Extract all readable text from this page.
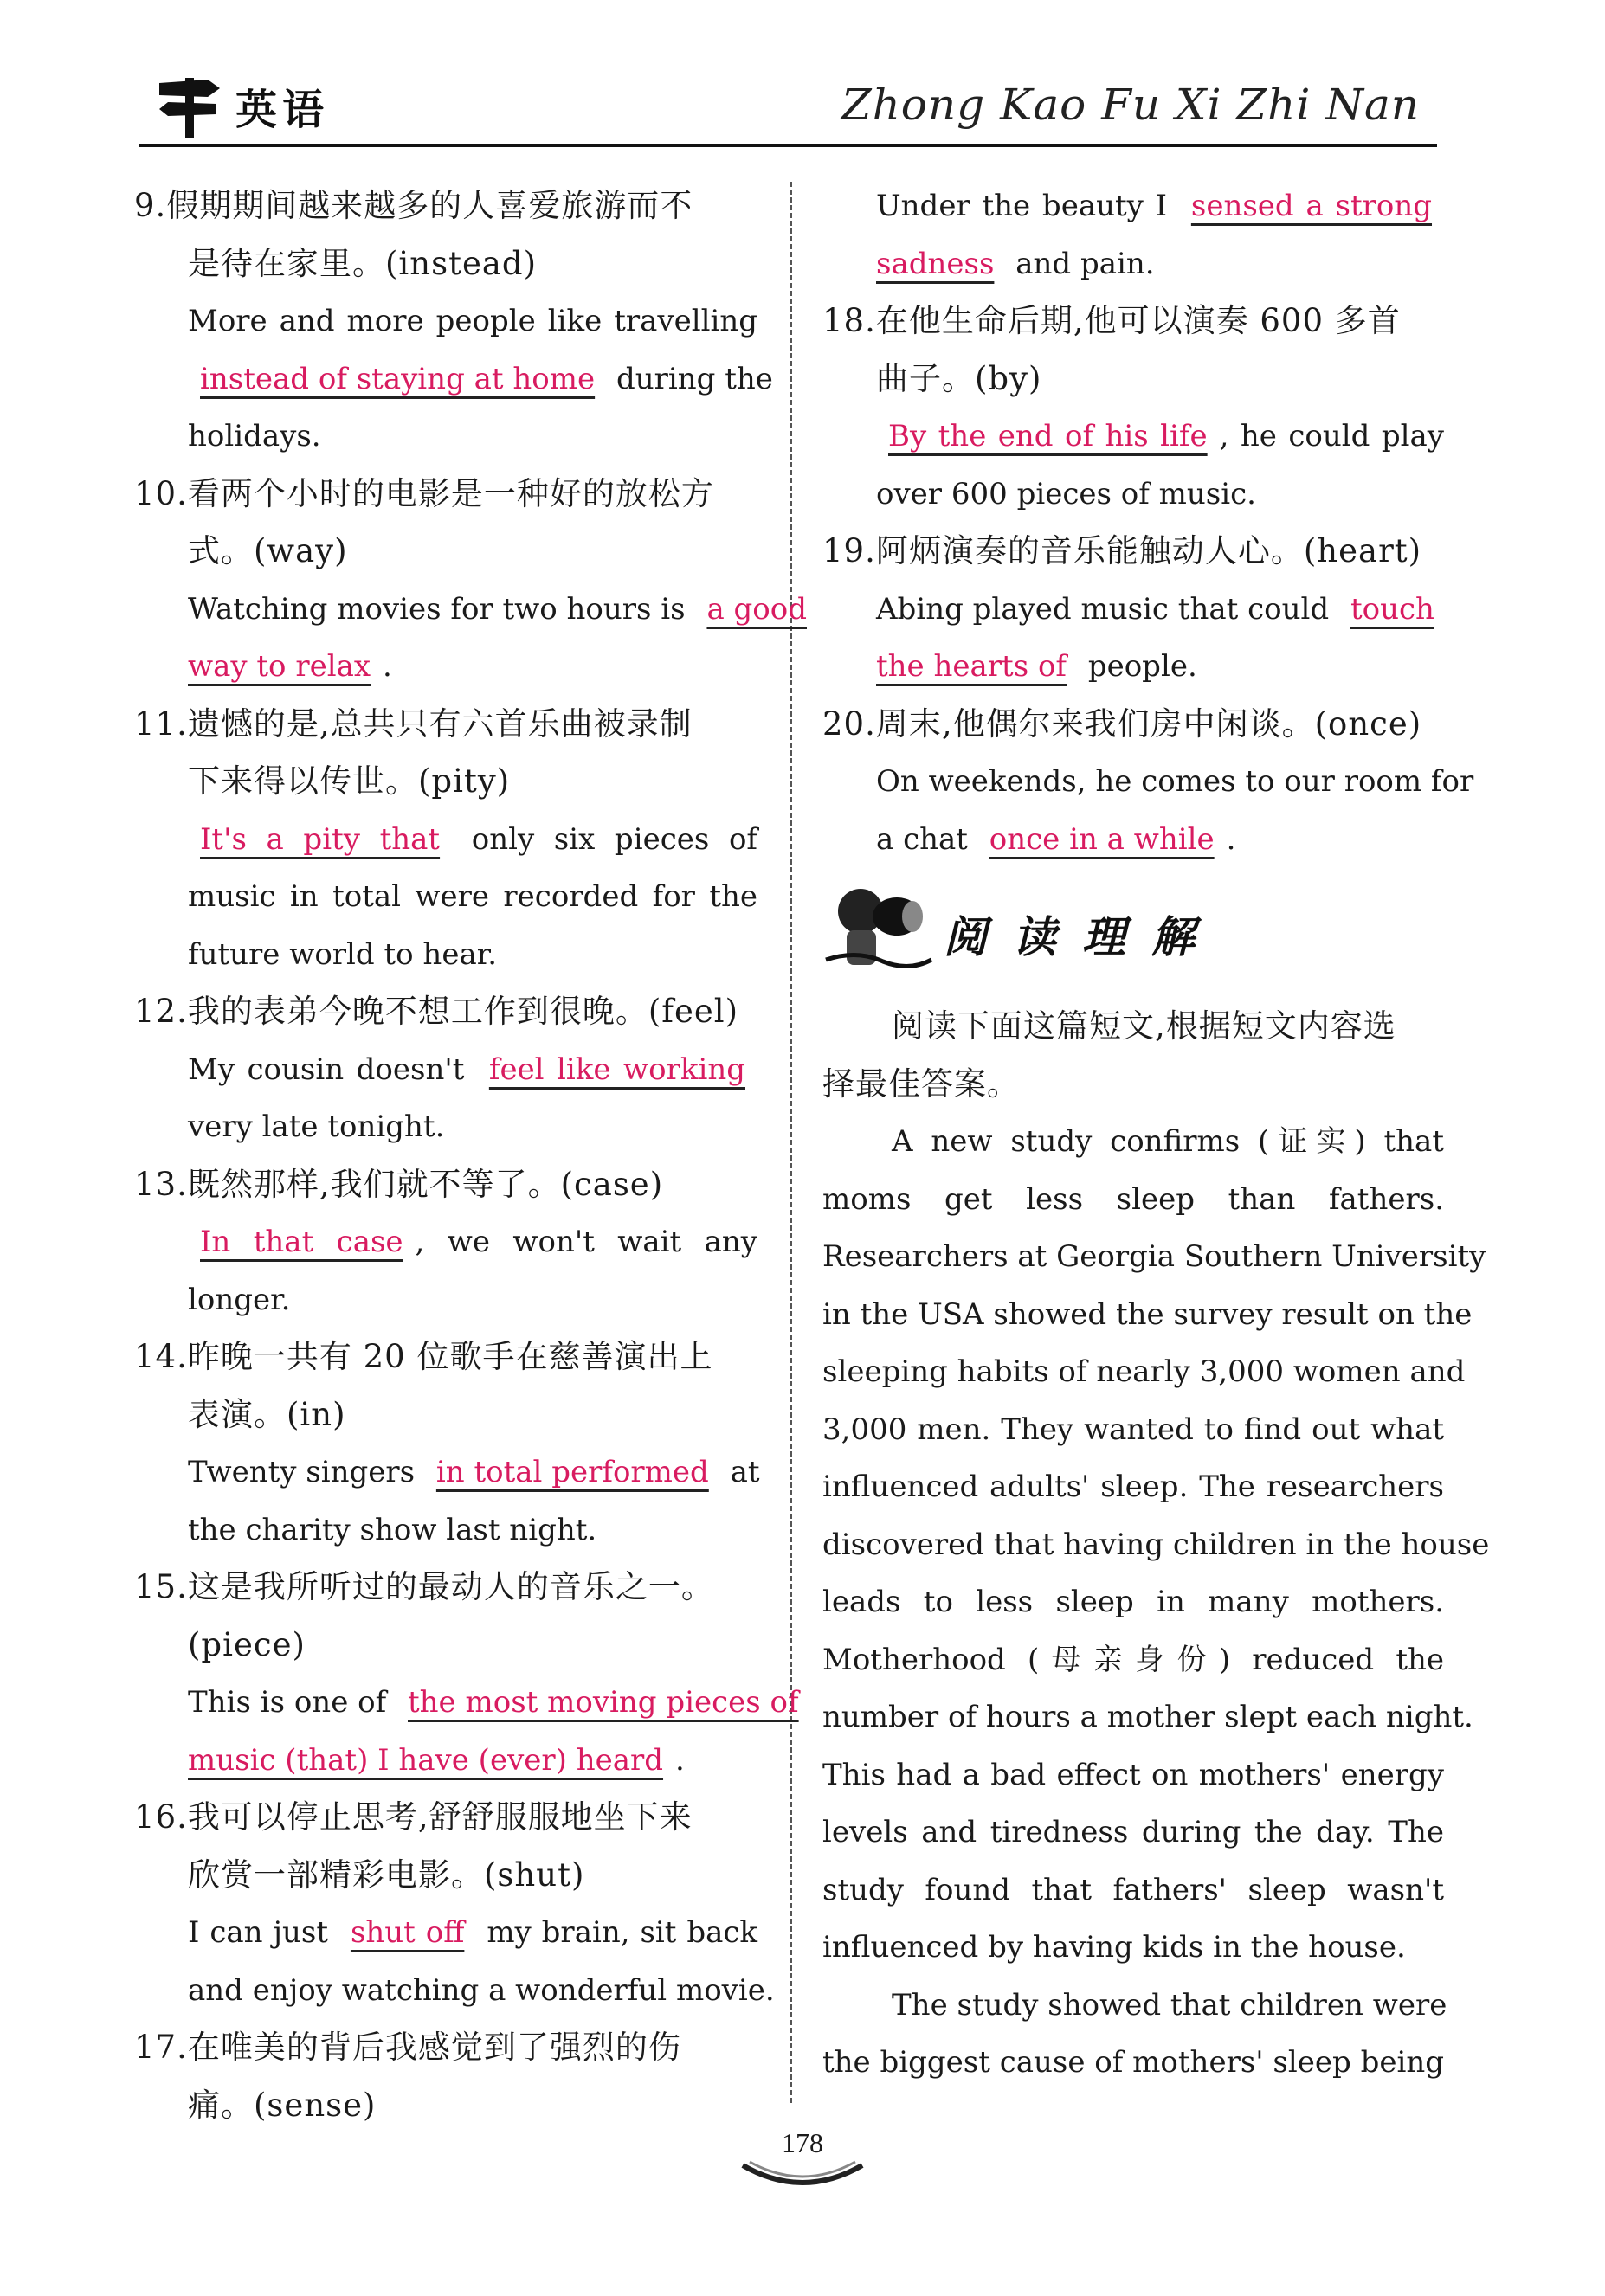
英语	Zhong Kao Fu Xi Zhi Nan
9.假期期间越来越多的人喜爱旅游而不
是待在家里。(instead)
More and more people like travelling
instead of staying at home during the
holidays.
10.看两个小时的电影是一种好的放松方
式。(way)
Watching movies for two hours is a good
way to relax .
11.遗憾的是,总共只有六首乐曲被录制
下来得以传世。(pity)
It's a pity that only six pieces of
music in total were recorded for the
future world to hear.
12.我的表弟今晚不想工作到很晚。(feel)
My cousin doesn't feel like working
very late tonight.
13.既然那样,我们就不等了。(case)
In that case , we won't wait any
longer.
14.昨晚一共有 20 位歌手在慈善演出上
表演。(in)
Twenty singers in total performed at
the charity show last night.
15.这是我所听过的最动人的音乐之一。
(piece)
This is one of the most moving pieces of
music (that) I have (ever) heard .
16.我可以停止思考,舒舒服服地坐下来
欣赏一部精彩电影。(shut)
I can just shut off my brain, sit back
and enjoy watching a wonderful movie.
17.在唯美的背后我感觉到了强烈的伤
痛。(sense)
Under the beauty I sensed a strong
sadness and pain.
18.在他生命后期,他可以演奏 600 多首
曲子。(by)
By the end of his life , he could play
over 600 pieces of music.
19.阿炳演奏的音乐能触动人心。(heart)
Abing played music that could touch
the hearts of people.
20.周末,他偶尔来我们房中闲谈。(once)
On weekends, he comes to our room for
a chat once in a while .
阅读理解
阅读下面这篇短文,根据短文内容选
择最佳答案。
A new study confirms (证实) that
moms get less sleep than fathers.
Researchers at Georgia Southern University
in the USA showed the survey result on the
sleeping habits of nearly 3,000 women and
3,000 men. They wanted to find out what
influenced adults' sleep. The researchers
discovered that having children in the house
leads to less sleep in many mothers.
Motherhood (母亲身份) reduced the
number of hours a mother slept each night.
This had a bad effect on mothers' energy
levels and tiredness during the day. The
study found that fathers' sleep wasn't
influenced by having kids in the house.
The study showed that children were
the biggest cause of mothers' sleep being
178
